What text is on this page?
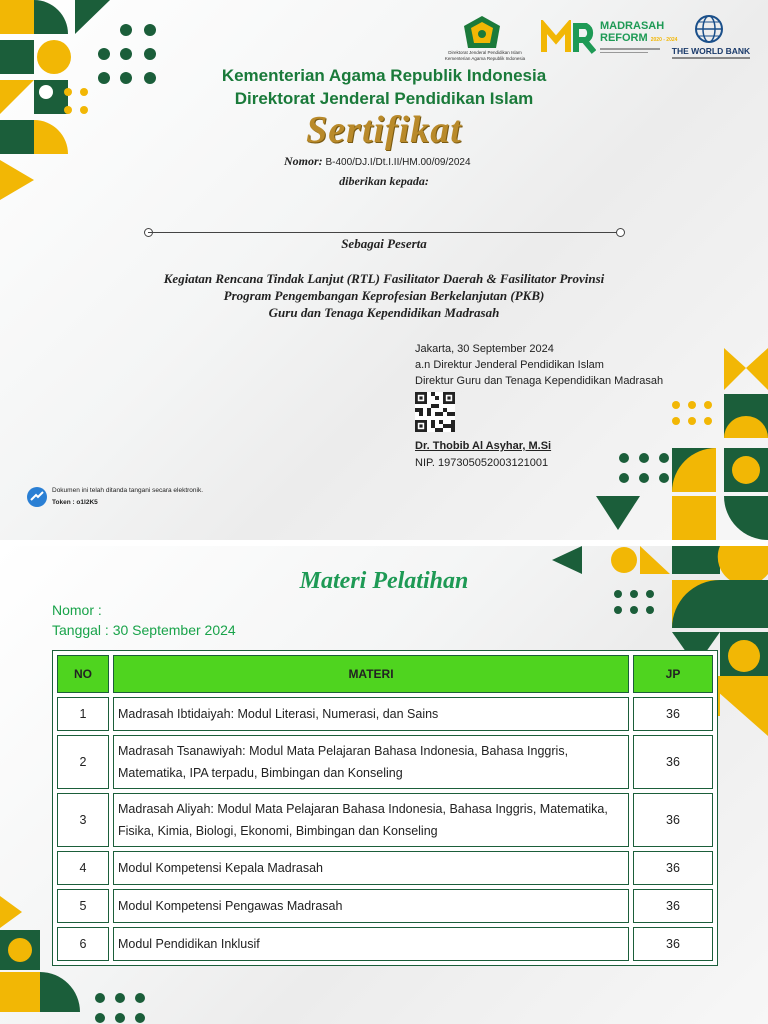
Direktorat Jenderal Pendidikan Islam
Kementerian Agama Republik Indonesia
MADRASAH
REFORM 2020 - 2024
THE WORLD BANK
Kementerian Agama Republik Indonesia
Direktorat Jenderal Pendidikan Islam
Sertifikat
Nomor: B-400/DJ.I/Dt.I.II/HM.00/09/2024
diberikan kepada:
Sebagai Peserta
Kegiatan Rencana Tindak Lanjut (RTL) Fasilitator Daerah & Fasilitator Provinsi
Program Pengembangan Keprofesian Berkelanjutan (PKB)
Guru dan Tenaga Kependidikan Madrasah
Jakarta, 30 September 2024
a.n Direktur Jenderal Pendidikan Islam
Direktur Guru dan Tenaga Kependidikan Madrasah
Dr. Thobib Al Asyhar, M.Si
NIP. 197305052003121001
Dokumen ini telah ditanda tangani secara elektronik.
Token : o1I2K5
Materi Pelatihan
Nomor :
Tanggal : 30 September 2024
NO	MATERI	JP
1	Madrasah Ibtidaiyah: Modul Literasi, Numerasi, dan Sains	36
2	Madrasah Tsanawiyah: Modul Mata Pelajaran Bahasa Indonesia, Bahasa Inggris, Matematika, IPA terpadu, Bimbingan dan Konseling	36
3	Madrasah Aliyah: Modul Mata Pelajaran Bahasa Indonesia, Bahasa Inggris, Matematika, Fisika, Kimia, Biologi, Ekonomi, Bimbingan dan Konseling	36
4	Modul Kompetensi Kepala Madrasah	36
5	Modul Kompetensi Pengawas Madrasah	36
6	Modul Pendidikan Inklusif	36
